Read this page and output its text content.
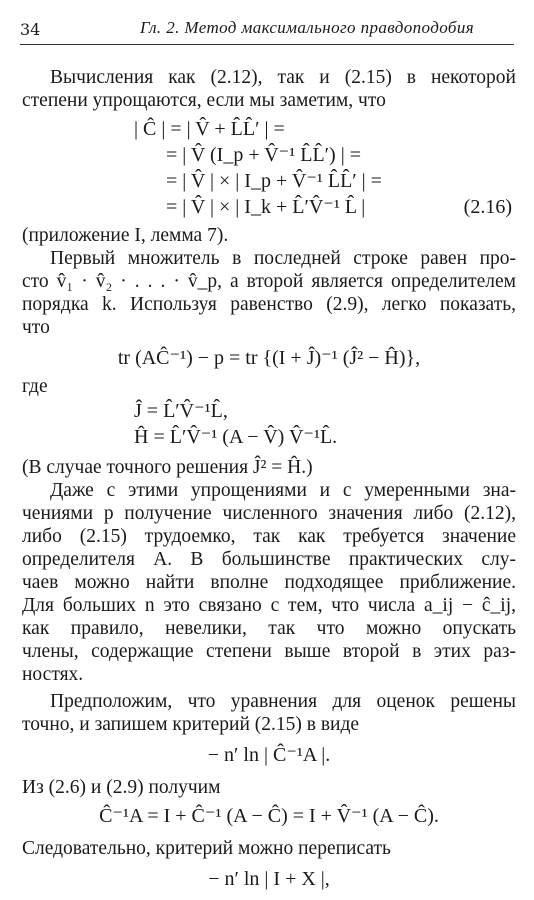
34	Гл. 2. Метод максимального правдоподобия
Вычисления как (2.12), так и (2.15) в некоторой
степени упрощаются, если мы заметим, что
| Ĉ | = | V̂ + L̂L̂′ | =
= | V̂ (I_p + V̂⁻¹ L̂L̂′) | =
= | V̂ | × | I_p + V̂⁻¹ L̂L̂′ | =
= | V̂ | × | I_k + L̂′V̂⁻¹ L̂ |	(2.16)
(приложение I, лемма 7).
Первый множитель в последней строке равен про-
сто v̂₁ · v̂₂ · . . . · v̂_p, а второй является определителем
порядка k. Используя равенство (2.9), легко показать,
что
tr (AĈ⁻¹) − p = tr {(I + Ĵ)⁻¹ (Ĵ² − Ĥ)},
где
Ĵ = L̂′V̂⁻¹L̂,
Ĥ = L̂′V̂⁻¹ (A − V̂) V̂⁻¹L̂.
(В случае точного решения Ĵ² = Ĥ.)
Даже с этими упрощениями и с умеренными зна-
чениями p получение численного значения либо (2.12),
либо (2.15) трудоемко, так как требуется значение
определителя A. В большинстве практических слу-
чаев можно найти вполне подходящее приближение.
Для больших n это связано с тем, что числа a_ij − ĉ_ij,
как правило, невелики, так что можно опускать
члены, содержащие степени выше второй в этих раз-
ностях.
Предположим, что уравнения для оценок решены
точно, и запишем критерий (2.15) в виде
− n′ ln | Ĉ⁻¹A |.
Из (2.6) и (2.9) получим
Ĉ⁻¹A = I + Ĉ⁻¹ (A − Ĉ) = I + V̂⁻¹ (A − Ĉ).
Следовательно, критерий можно переписать
− n′ ln | I + X |,
